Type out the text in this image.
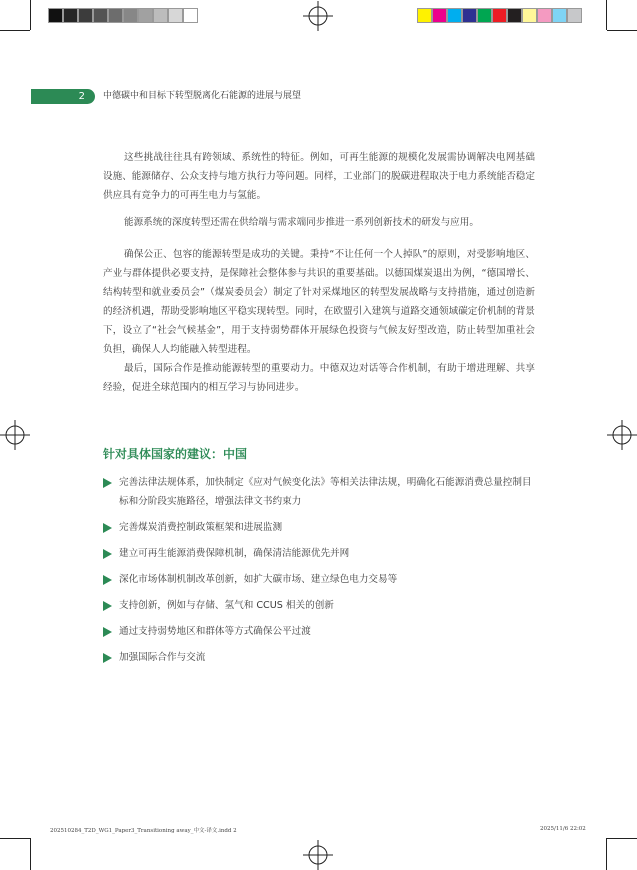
2 中德碳中和目标下转型脱离化石能源的进展与展望

这些挑战往往具有跨领域、系统性的特征。例如，可再生能源的规模化发展需协调解决电网基础设施、能源储存、公众支持与地方执行力等问题。同样，工业部门的脱碳进程取决于电力系统能否稳定供应具有竞争力的可再生电力与氢能。

能源系统的深度转型还需在供给端与需求端同步推进一系列创新技术的研发与应用。

确保公正、包容的能源转型是成功的关键。秉持“不让任何一个人掉队”的原则，对受影响地区、产业与群体提供必要支持，是保障社会整体参与共识的重要基础。以德国煤炭退出为例，“德国增长、结构转型和就业委员会”（煤炭委员会）制定了针对采煤地区的转型发展战略与支持措施，通过创造新的经济机遇，帮助受影响地区平稳实现转型。同时，在欧盟引入建筑与道路交通领域碳定价机制的背景下，设立了“社会气候基金”，用于支持弱势群体开展绿色投资与气候友好型改造，防止转型加重社会负担，确保人人均能融入转型进程。

最后，国际合作是推动能源转型的重要动力。中德双边对话等合作机制，有助于增进理解、共享经验，促进全球范围内的相互学习与协同进步。

针对具体国家的建议：中国
完善法律法规体系，加快制定《应对气候变化法》等相关法律法规，明确化石能源消费总量控制目标和分阶段实施路径，增强法律文书约束力
完善煤炭消费控制政策框架和进展监测
建立可再生能源消费保障机制，确保清洁能源优先并网
深化市场体制机制改革创新，如扩大碳市场、建立绿色电力交易等
支持创新，例如与存储、氢气和 CCUS 相关的创新
通过支持弱势地区和群体等方式确保公平过渡
加强国际合作与交流
202510284_T2D_WG1_Paper3_Transitioning away_中文-译文.indd 2	2025/11/6 22:02
